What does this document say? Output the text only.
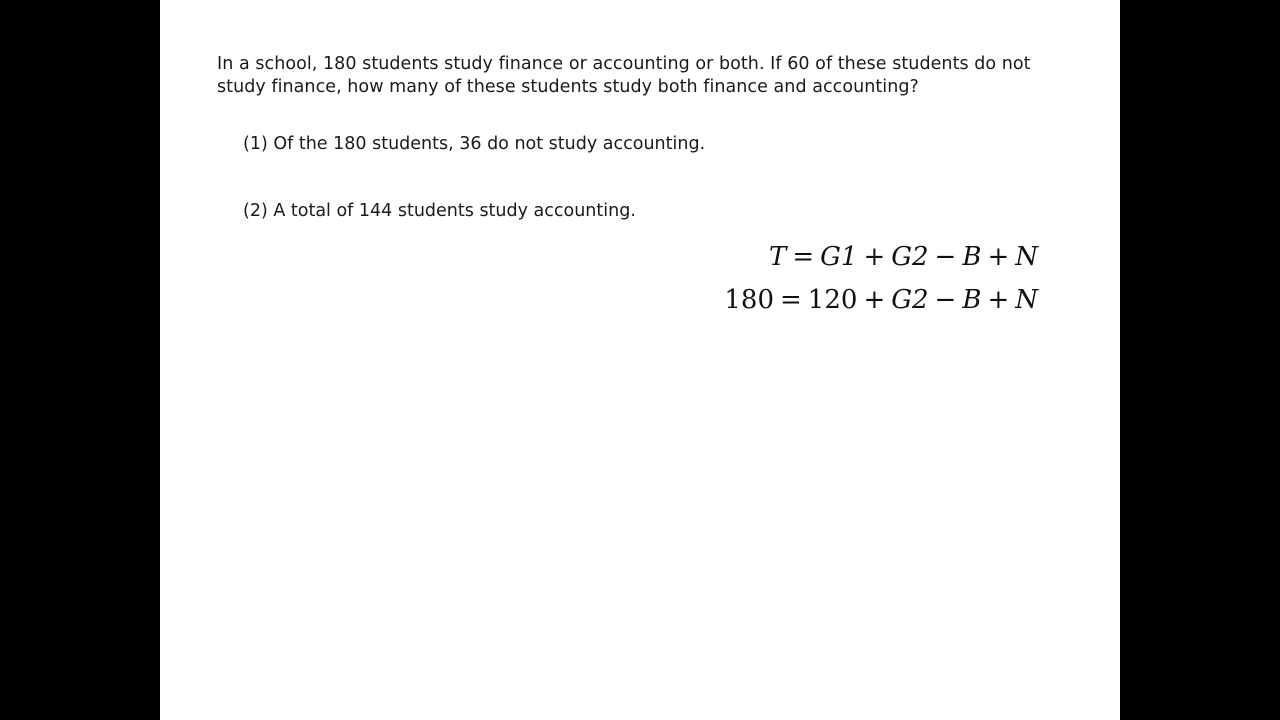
In a school, 180 students study finance or accounting or both. If 60 of these students do not study finance, how many of these students study both finance and accounting?

(1) Of the 180 students, 36 do not study accounting.

(2) A total of 144 students study accounting.

T = G1 + G2 − B + N
180 = 120 + G2 − B + N
